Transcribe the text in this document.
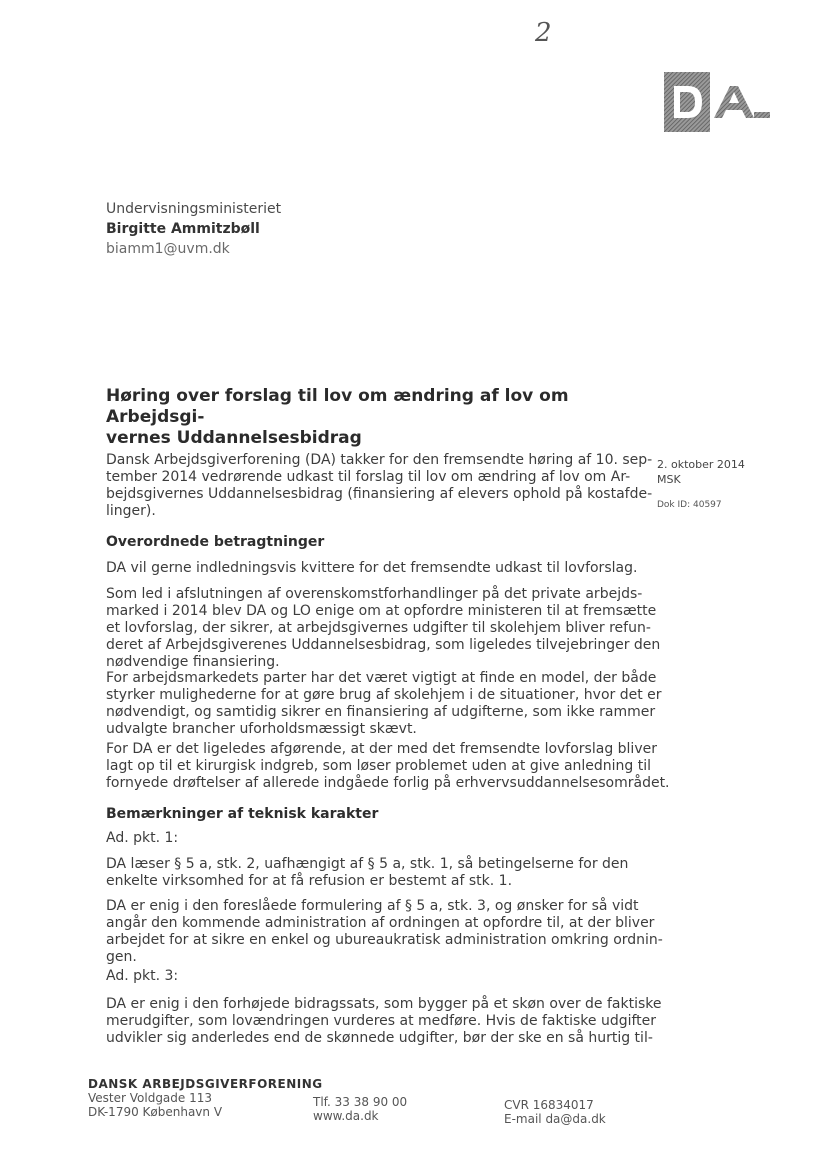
2
Undervisningsministeriet
Birgitte Ammitzbøll
biamm1@uvm.dk
Høring over forslag til lov om ændring af lov om Arbejdsgi-
vernes Uddannelsesbidrag
Dansk Arbejdsgiverforening (DA) takker for den fremsendte høring af 10. sep-
tember 2014 vedrørende udkast til forslag til lov om ændring af lov om Ar-
bejdsgivernes Uddannelsesbidrag (finansiering af elevers ophold på kostafde-
linger).
2. oktober 2014
MSK
Dok ID: 40597
Overordnede betragtninger
DA vil gerne indledningsvis kvittere for det fremsendte udkast til lovforslag.
Som led i afslutningen af overenskomstforhandlinger på det private arbejds-
marked i 2014 blev DA og LO enige om at opfordre ministeren til at fremsætte
et lovforslag, der sikrer, at arbejdsgivernes udgifter til skolehjem bliver refun-
deret af Arbejdsgiverenes Uddannelsesbidrag, som ligeledes tilvejebringer den
nødvendige finansiering.
For arbejdsmarkedets parter har det været vigtigt at finde en model, der både
styrker mulighederne for at gøre brug af skolehjem i de situationer, hvor det er
nødvendigt, og samtidig sikrer en finansiering af udgifterne, som ikke rammer
udvalgte brancher uforholdsmæssigt skævt.
For DA er det ligeledes afgørende, at der med det fremsendte lovforslag bliver
lagt op til et kirurgisk indgreb, som løser problemet uden at give anledning til
fornyede drøftelser af allerede indgåede forlig på erhvervsuddannelsesområdet.
Bemærkninger af teknisk karakter
Ad. pkt. 1:
DA læser § 5 a, stk. 2, uafhængigt af § 5 a, stk. 1, så betingelserne for den
enkelte virksomhed for at få refusion er bestemt af stk. 1.
DA er enig i den foreslåede formulering af § 5 a, stk. 3, og ønsker for så vidt
angår den kommende administration af ordningen at opfordre til, at der bliver
arbejdet for at sikre en enkel og ubureaukratisk administration omkring ordnin-
gen.
Ad. pkt. 3:
DA er enig i den forhøjede bidragssats, som bygger på et skøn over de faktiske
merudgifter, som lovændringen vurderes at medføre. Hvis de faktiske udgifter
udvikler sig anderledes end de skønnede udgifter, bør der ske en så hurtig til-
DANSK ARBEJDSGIVERFORENING
Vester Voldgade 113
DK-1790 København V
Tlf. 33 38 90 00
www.da.dk
CVR 16834017
E-mail da@da.dk
